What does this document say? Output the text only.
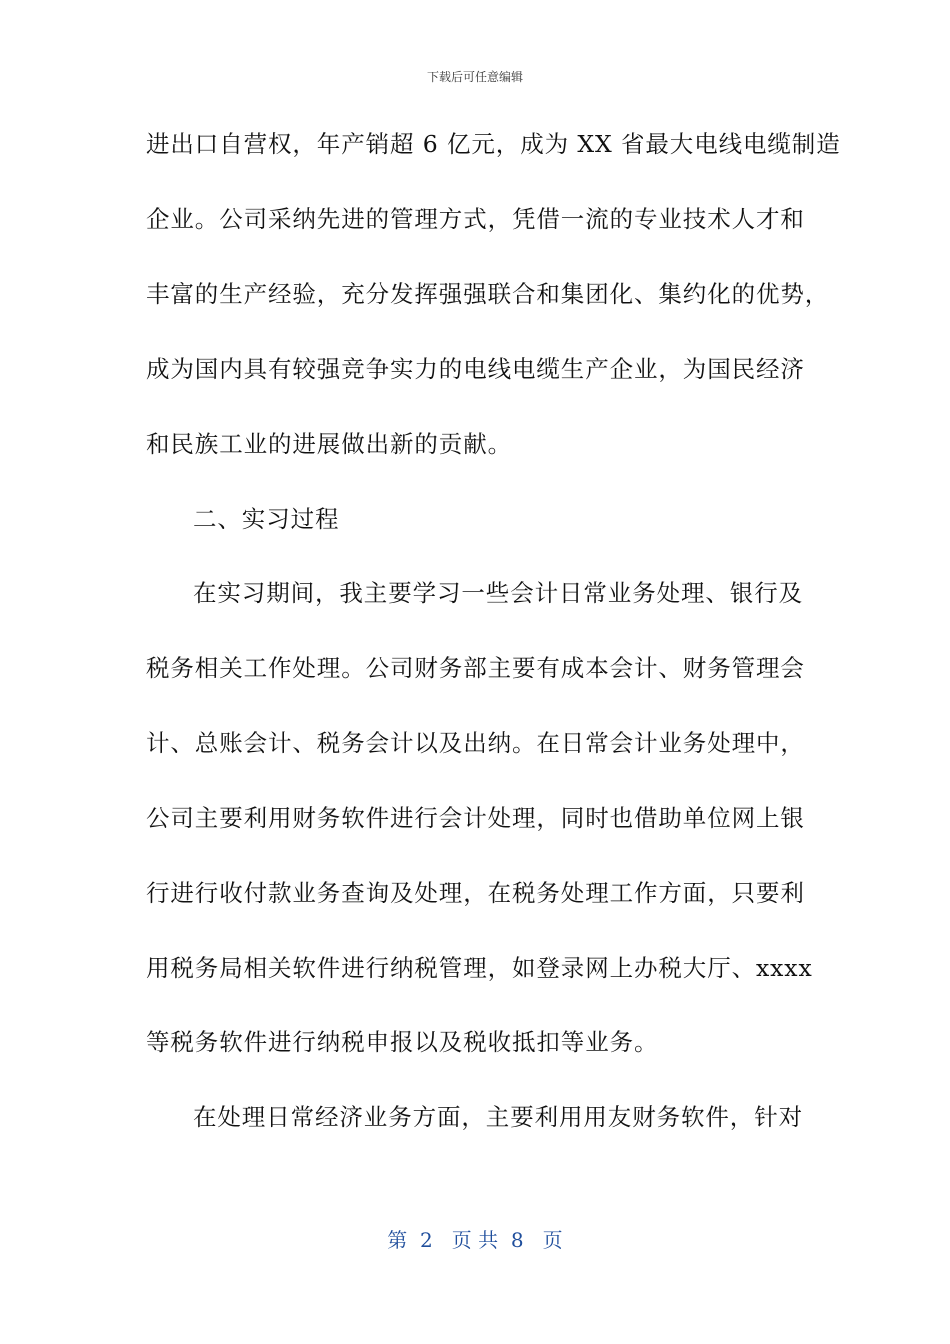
下载后可任意编辑
进出口自营权，年产销超 6 亿元，成为 XX 省最大电线电缆制造
企业。公司采纳先进的管理方式，凭借一流的专业技术人才和
丰富的生产经验，充分发挥强强联合和集团化、集约化的优势，
成为国内具有较强竞争实力的电线电缆生产企业，为国民经济
和民族工业的进展做出新的贡献。
二、实习过程
在实习期间，我主要学习一些会计日常业务处理、银行及
税务相关工作处理。公司财务部主要有成本会计、财务管理会
计、总账会计、税务会计以及出纳。在日常会计业务处理中，
公司主要利用财务软件进行会计处理，同时也借助单位网上银
行进行收付款业务查询及处理，在税务处理工作方面，只要利
用税务局相关软件进行纳税管理，如登录网上办税大厅、xxxx
等税务软件进行纳税申报以及税收抵扣等业务。
在处理日常经济业务方面，主要利用用友财务软件，针对
第  2   页 共  8   页
